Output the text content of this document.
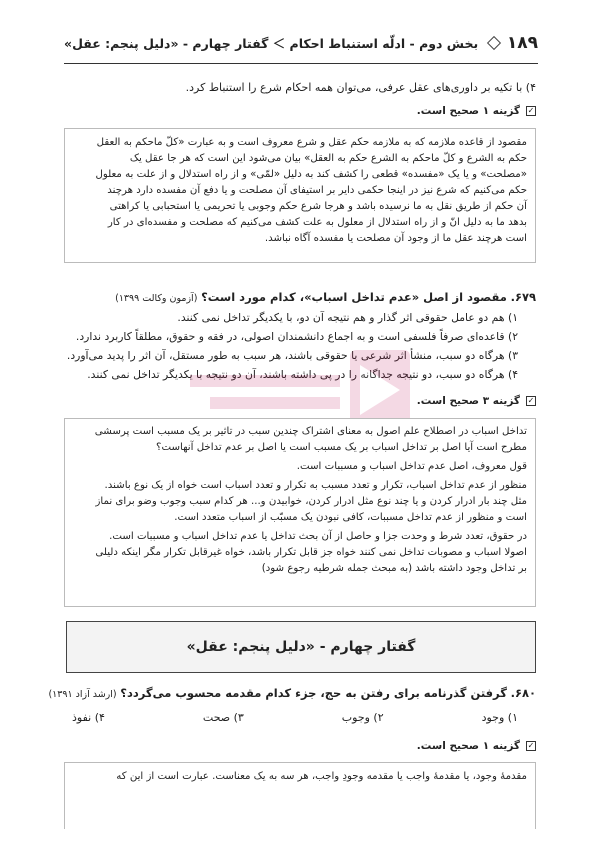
۱۸۹
بخش دوم - ادلّه استنباط احکام ＞ گفتار چهارم - «دلیل پنجم: عقل»
۴) با تکیه بر داوری‌های عقل عرفی، می‌توان همه احکام شرع را استنباط کرد.
✓
گزینه ۱ صحیح است.

مقصود از قاعده ملازمه که به ملازمه حکم عقل و شرع معروف است و به عبارت «کلّ ماحکم به العقل

حکم به الشرع و کلّ ماحکم به الشرع حکم به العقل» بیان می‌شود این است که هر جا عقل یک

«مصلحت» و یا یک «مفسده» قطعی را کشف کند به دلیل «لمّی» و از راه استدلال و از علت به معلول

حکم می‌کنیم که شرع نیز در اینجا حکمی دایر بر استیفای آن مصلحت و یا دفع آن مفسده دارد هرچند

آن حکم از طریق نقل به ما نرسیده باشد و هرجا شرع حکم وجوبی یا تحریمی یا استحبابی یا کراهتی

بدهد ما به دلیل انّ و از راه استدلال از معلول به علت کشف می‌کنیم که مصلحت و مفسده‌ای در کار

است هرچند عقل ما از وجود آن مصلحت یا مفسده آگاه نباشد.

۶۷۹. مقصود از اصل «عدم تداخل اسباب»، کدام مورد است؟ (آزمون وکالت ۱۳۹۹)
۱) هم دو عامل حقوقی اثر گذار و هم نتیجه آن دو، با یکدیگر تداخل نمی کنند.
۲) قاعده‌ای صرفاً فلسفی است و به اجماع دانشمندان اصولی، در فقه و حقوق، مطلقاً کاربرد ندارد.
۳) هرگاه دو سبب، منشأ اثر شرعی یا حقوقی باشند، هر سبب به طور مستقل، آن اثر را پدید می‌آورد.
۴) هرگاه دو سبب، دو نتیجه جداگانه را در پی داشته باشند، آن دو نتیجه با یکدیگر تداخل نمی کنند.
✓
گزینه ۳ صحیح است.

تداخل اسباب در اصطلاح علم اصول به معنای اشتراک چندین سبب در تاثیر بر یک مسبب است پرسشی

مطرح است آیا اصل بر تداخل اسباب بر یک مسبب است یا اصل بر عدم تداخل آنهاست؟

قول معروف، اصل عدم تداخل اسباب و مسببات است.

منظور از عدم تداخل اسباب، تکرار و تعدد مسبب به تکرار و تعدد اسباب است خواه از یک نوع باشند.

مثل چند بار ادرار کردن و یا چند نوع مثل ادرار کردن، خوابیدن و... هر کدام سبب وجوب وضو برای نماز

است و منظور از عدم تداخل مسببات، کافی نبودن یک مسبّب از اسباب متعدد است.

در حقوق، تعدد شرط و وحدت جزا و حاصل از آن بحث تداخل یا عدم تداخل اسباب و مسببات است.

اصولا اسباب و مصوبات تداخل نمی کنند خواه جز قابل تکرار باشد، خواه غیرقابل تکرار مگر اینکه دلیلی

بر تداخل وجود داشته باشد (به مبحث جمله شرطیه رجوع شود)

گفتار چهارم - «دلیل پنجم: عقل»
۶۸۰. گرفتن گذرنامه برای رفتن به حج، جزء کدام مقدمه محسوب می‌گردد؟ (ارشد آزاد ۱۳۹۱)
۱) وجود
۲) وجوب
۳) صحت
۴) نفوذ
✓
گزینه ۱ صحیح است.

مقدمهٔ وجود، یا مقدمهٔ واجب یا مقدمه وجودِ واجب، هر سه به یک معناست. عبارت است از این که
